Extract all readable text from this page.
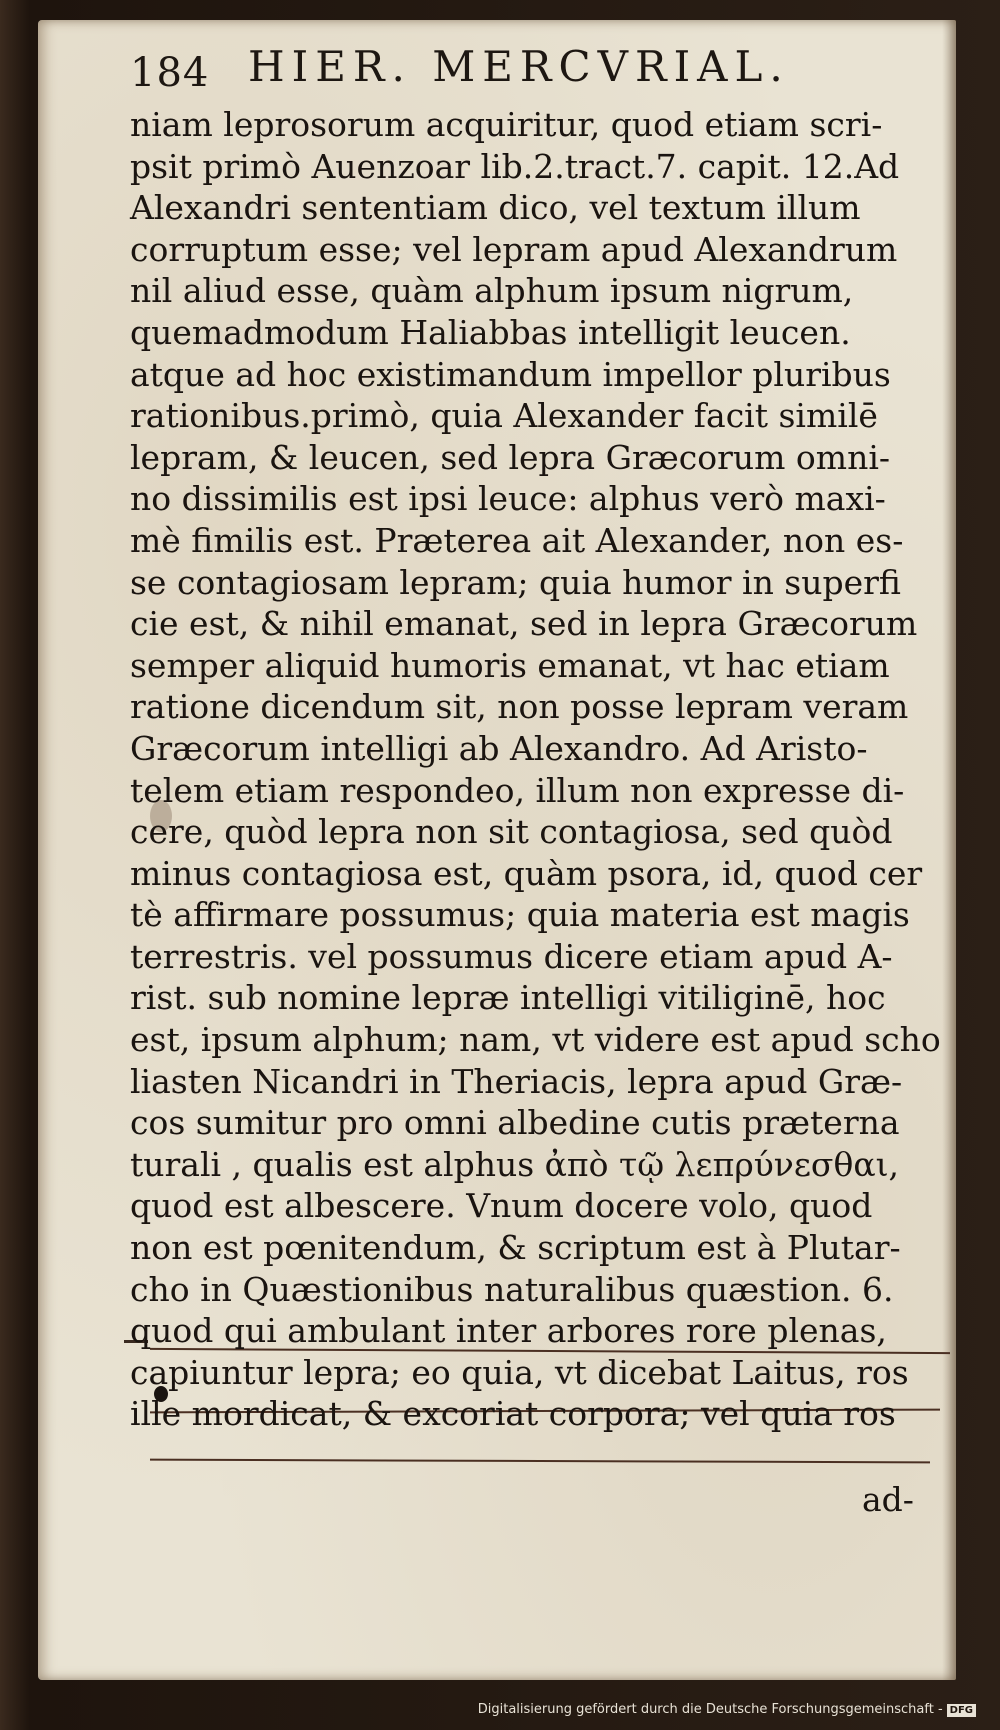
184 HIER. MERCVRIAL.
niam leprosorum acquiritur, quod etiam scri-
psit primò Auenzoar lib.2.tract.7. capit. 12.Ad
Alexandri sententiam dico, vel textum illum
corruptum esse; vel lepram apud Alexandrum
nil aliud esse, quàm alphum ipsum nigrum,
quemadmodum Haliabbas intelligit leucen.
atque ad hoc existimandum impellor pluribus
rationibus.primò, quia Alexander facit similē
lepram, & leucen, sed lepra Græcorum omni-
no dissimilis est ipsi leuce: alphus verò maxi-
mè fimilis est. Præterea ait Alexander, non es-
se contagiosam lepram; quia humor in superfi
cie est, & nihil emanat, sed in lepra Græcorum
semper aliquid humoris emanat, vt hac etiam
ratione dicendum sit, non posse lepram veram
Græcorum intelligi ab Alexandro. Ad Aristo-
telem etiam respondeo, illum non expresse di-
cere, quòd lepra non sit contagiosa, sed quòd
minus contagiosa est, quàm psora, id, quod cer
tè affirmare possumus; quia materia est magis
terrestris. vel possumus dicere etiam apud A-
rist. sub nomine lepræ intelligi vitiliginē, hoc
est, ipsum alphum; nam, vt videre est apud scho
liasten Nicandri in Theriacis, lepra apud Græ-
cos sumitur pro omni albedine cutis præterna
turali , qualis est alphus ἀπὸ τῷ λεπρύνεσθαι,
quod est albescere. Vnum docere volo, quod
non est pœnitendum, & scriptum est à Plutar-
cho in Quæstionibus naturalibus quæstion. 6.
quod qui ambulant inter arbores rore plenas,
capiuntur lepra; eo quia, vt dicebat Laitus, ros
ille mordicat, & excoriat corpora; vel quia ros
ad-
Digitalisierung gefördert durch die Deutsche Forschungsgemeinschaft - DFG
